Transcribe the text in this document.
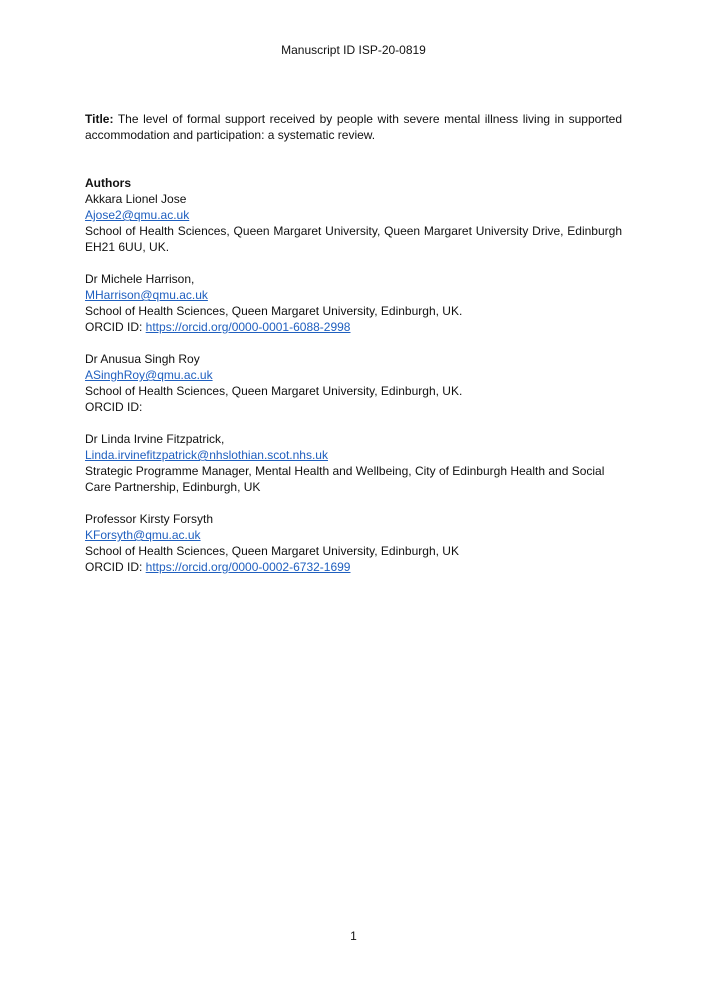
Manuscript ID ISP-20-0819
Title: The level of formal support received by people with severe mental illness living in supported accommodation and participation: a systematic review.
Authors
Akkara Lionel Jose
Ajose2@qmu.ac.uk
School of Health Sciences, Queen Margaret University, Queen Margaret University Drive, Edinburgh EH21 6UU, UK.
Dr Michele Harrison,
MHarrison@qmu.ac.uk
School of Health Sciences, Queen Margaret University, Edinburgh, UK.
ORCID ID: https://orcid.org/0000-0001-6088-2998
Dr Anusua Singh Roy
ASinghRoy@qmu.ac.uk
School of Health Sciences, Queen Margaret University, Edinburgh, UK.
ORCID ID:
Dr Linda Irvine Fitzpatrick,
Linda.irvinefitzpatrick@nhslothian.scot.nhs.uk
Strategic Programme Manager, Mental Health and Wellbeing, City of Edinburgh Health and Social Care Partnership, Edinburgh, UK
Professor Kirsty Forsyth
KForsyth@qmu.ac.uk
School of Health Sciences, Queen Margaret University, Edinburgh, UK
ORCID ID: https://orcid.org/0000-0002-6732-1699
1
